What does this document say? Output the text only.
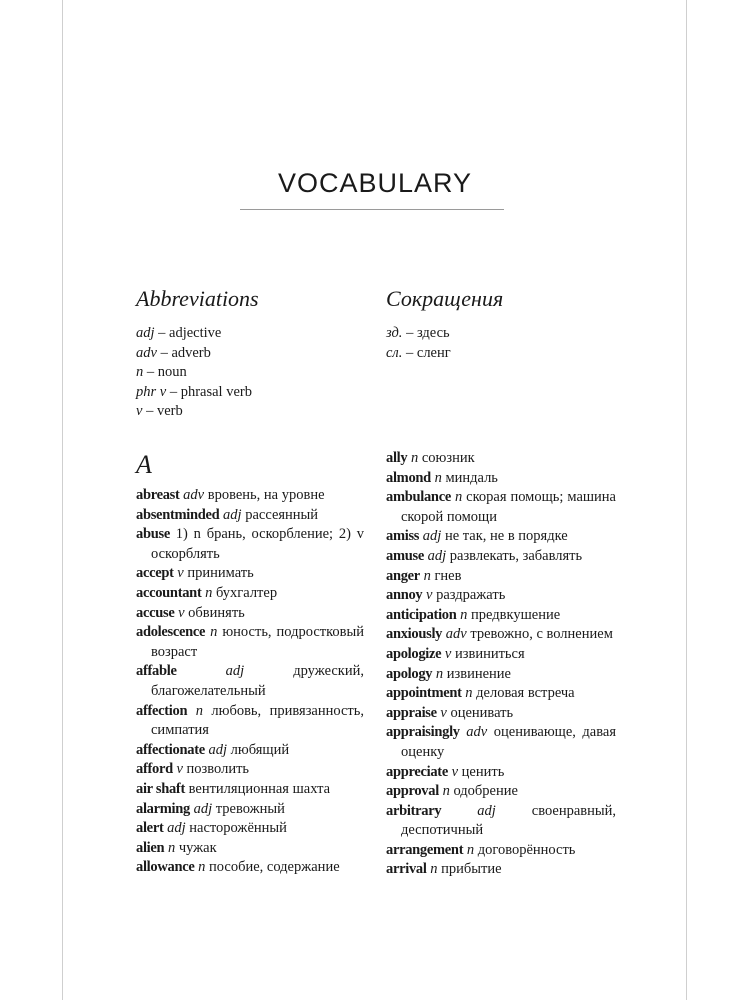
VOCABULARY
Abbreviations
adj – adjective
adv – adverb
n – noun
phr v – phrasal verb
v – verb
Сокращения
зд. – здесь
сл. – сленг
A
abreast adv вровень, на уровне
absentminded adj рассеянный
abuse 1) n брань, оскорбление; 2) v оскорблять
accept v принимать
accountant n бухгалтер
accuse v обвинять
adolescence n юность, подростковый возраст
affable	adj	дружеский, благожелательный
affection n любовь, привязанность, симпатия
affectionate adj любящий
afford v позволить
air shaft вентиляционная шахта
alarming adj тревожный
alert adj насторожённый
alien n чужак
allowance n пособие, содержание
ally n союзник
almond n миндаль
ambulance n скорая помощь; машина скорой помощи
amiss adj не так, не в порядке
amuse adj развлекать, забавлять
anger n гнев
annoy v раздражать
anticipation n предвкушение
anxiously adv тревожно, с волнением
apologize v извиниться
apology n извинение
appointment n деловая встреча
appraise v оценивать
appraisingly adv оценивающе, давая оценку
appreciate v ценить
approval n одобрение
arbitrary adj своенравный, деспотичный
arrangement n договорённость
arrival n прибытие
